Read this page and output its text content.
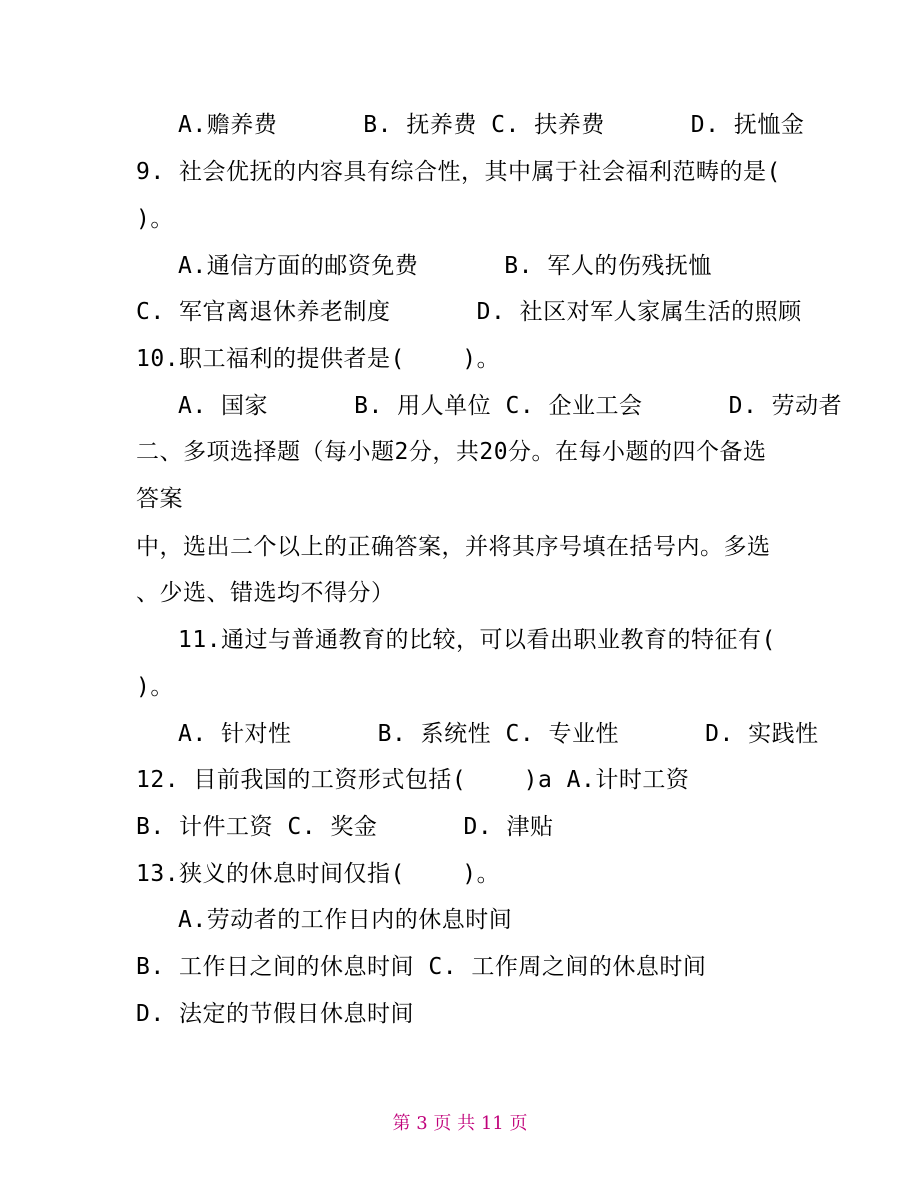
A.赡养费      B. 抚养费 C. 扶养费      D. 抚恤金
9. 社会优抚的内容具有综合性，其中属于社会福利范畴的是(
)。
A.通信方面的邮资免费      B. 军人的伤残抚恤
C. 军官离退休养老制度      D. 社区对军人家属生活的照顾
10.职工福利的提供者是(    )。
A. 国家      B. 用人单位 C. 企业工会      D. 劳动者
二、多项选择题（每小题2分，共20分。在每小题的四个备选
答案
中，选出二个以上的正确答案，并将其序号填在括号内。多选
、少选、错选均不得分）
11.通过与普通教育的比较，可以看出职业教育的特征有(
)。
A. 针对性      B. 系统性 C. 专业性      D. 实践性
12. 目前我国的工资形式包括(    )a A.计时工资
B. 计件工资 C. 奖金      D. 津贴
13.狭义的休息时间仅指(    )。
A.劳动者的工作日内的休息时间
B. 工作日之间的休息时间 C. 工作周之间的休息时间
D. 法定的节假日休息时间
第 3 页 共 11 页
